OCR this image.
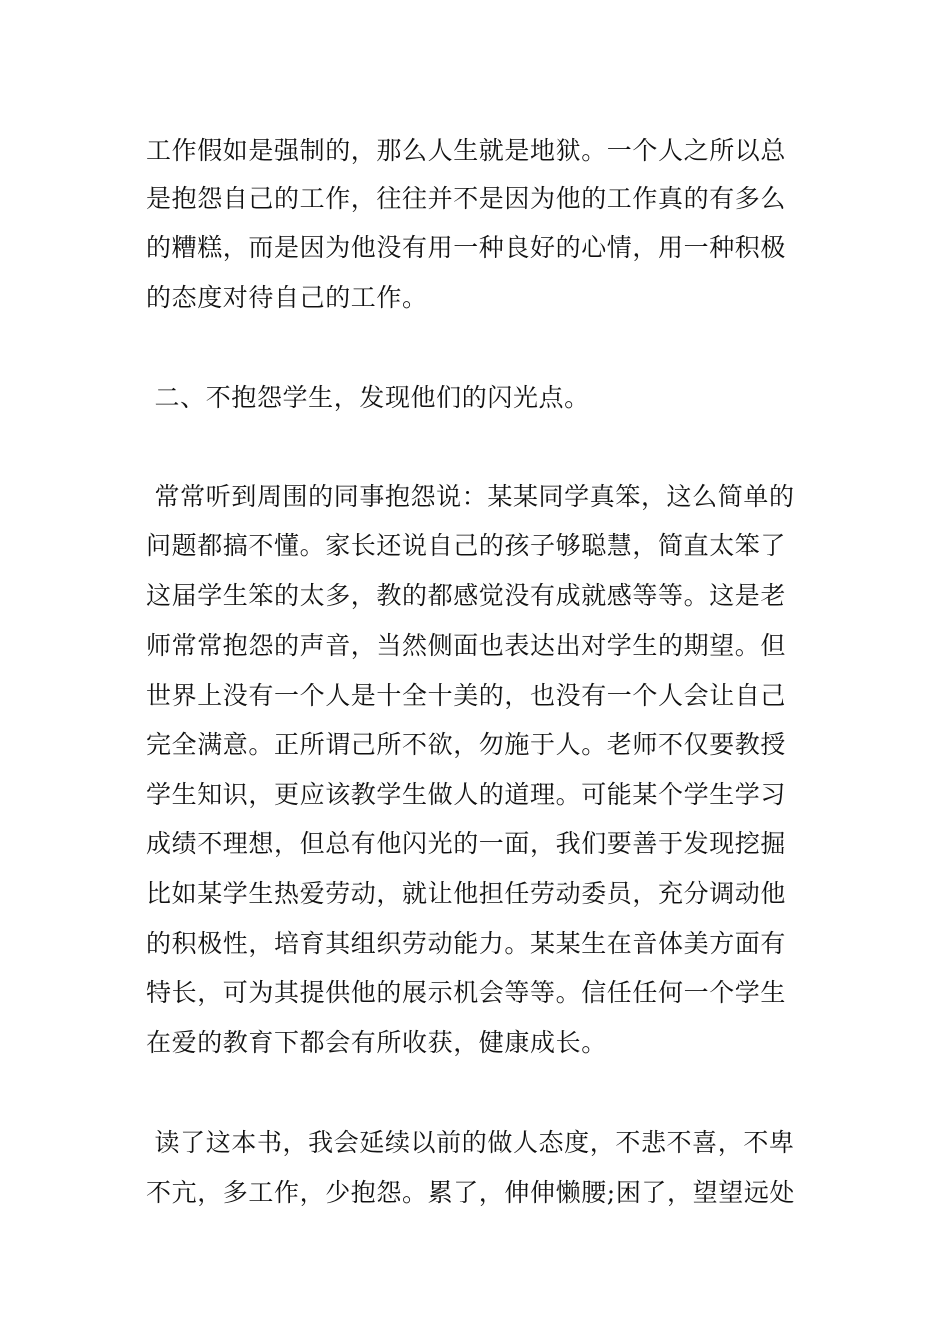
工作假如是强制的，那么人生就是地狱。一个人之所以总
是抱怨自己的工作，往往并不是因为他的工作真的有多么
的糟糕，而是因为他没有用一种良好的心情，用一种积极
的态度对待自己的工作。
二、不抱怨学生，发现他们的闪光点。
常常听到周围的同事抱怨说：某某同学真笨，这么简单的
问题都搞不懂。家长还说自己的孩子够聪慧，简直太笨了
这届学生笨的太多，教的都感觉没有成就感等等。这是老
师常常抱怨的声音，当然侧面也表达出对学生的期望。但
世界上没有一个人是十全十美的，也没有一个人会让自己
完全满意。正所谓己所不欲，勿施于人。老师不仅要教授
学生知识，更应该教学生做人的道理。可能某个学生学习
成绩不理想，但总有他闪光的一面，我们要善于发现挖掘
比如某学生热爱劳动，就让他担任劳动委员，充分调动他
的积极性，培育其组织劳动能力。某某生在音体美方面有
特长，可为其提供他的展示机会等等。信任任何一个学生
在爱的教育下都会有所收获，健康成长。
读了这本书，我会延续以前的做人态度，不悲不喜，不卑
不亢，多工作，少抱怨。累了，伸伸懒腰;困了，望望远处
